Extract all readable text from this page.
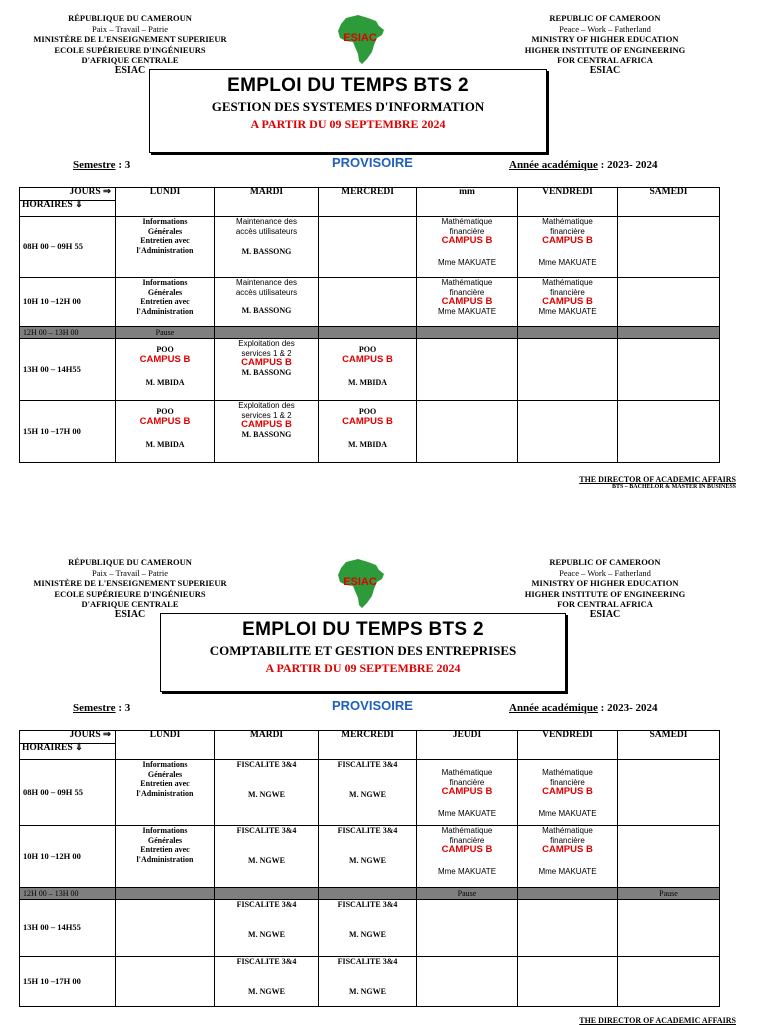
RÉPUBLIQUE DU CAMEROUN
Paix – Travail – Patrie
MINISTÈRE DE L'ENSEIGNEMENT SUPERIEUR
ECOLE SUPÉRIEURE D'INGÉNIEURS
D'AFRIQUE CENTRALE
ESIAC
ESIAC
REPUBLIC OF CAMEROON
Peace – Work – Fatherland
MINISTRY OF HIGHER EDUCATION
HIGHER INSTITUTE OF ENGINEERING
FOR CENTRAL AFRICA
ESIAC
EMPLOI DU TEMPS BTS 2
GESTION DES SYSTEMES D'INFORMATION
A PARTIR DU 09 SEPTEMBRE 2024
Semestre : 3	PROVISOIRE	Année académique : 2023- 2024
JOURS ⇒
HORAIRES ⇓	LUNDI	MARDI	MERCREDI	mm	VENDREDI	SAMEDI
08H 00 – 09H 55	Informations
Générales
Entretien avec
l'Administration	Maintenance des
accès utilisateurs
M. BASSONG		Mathématique
financière
CAMPUS B
Mme MAKUATE	Mathématique
financière
CAMPUS B
Mme MAKUATE	

10H 10 –12H 00	Informations
Générales
Entretien avec
l'Administration	Maintenance des
accès utilisateurs
M. BASSONG		Mathématique
financière
CAMPUS B
Mme MAKUATE	Mathématique
financière
CAMPUS B
Mme MAKUATE	

12H 00 – 13H 00	Pause					
13H 00 – 14H55	POO
CAMPUS B
M. MBIDA	Exploitation des
services 1 & 2
CAMPUS B
M. BASSONG	POO
CAMPUS B
M. MBIDA			

15H 10 –17H 00	POO
CAMPUS B
M. MBIDA	Exploitation des
services 1 & 2
CAMPUS B
M. BASSONG	POO
CAMPUS B
M. MBIDA			

THE DIRECTOR OF ACADEMIC AFFAIRS
BTS – BACHELOR & MASTER IN BUSINESS
RÉPUBLIQUE DU CAMEROUN
Paix – Travail – Patrie
MINISTÈRE DE L'ENSEIGNEMENT SUPERIEUR
ECOLE SUPÉRIEURE D'INGÉNIEURS
D'AFRIQUE CENTRALE
ESIAC
ESIAC
REPUBLIC OF CAMEROON
Peace – Work – Fatherland
MINISTRY OF HIGHER EDUCATION
HIGHER INSTITUTE OF ENGINEERING
FOR CENTRAL AFRICA
ESIAC
EMPLOI DU TEMPS BTS 2
COMPTABILITE ET GESTION DES ENTREPRISES
A PARTIR DU 09 SEPTEMBRE 2024
Semestre : 3	PROVISOIRE	Année académique : 2023- 2024
JOURS ⇒
HORAIRES ⇓	LUNDI	MARDI	MERCREDI	JEUDI	VENDREDI	SAMEDI
08H 00 – 09H 55	Informations
Générales
Entretien avec
l'Administration	FISCALITE 3&4
M. NGWE	FISCALITE 3&4
M. NGWE	Mathématique
financière
CAMPUS B
Mme MAKUATE	Mathématique
financière
CAMPUS B
Mme MAKUATE	

10H 10 –12H 00	Informations
Générales
Entretien avec
l'Administration	FISCALITE 3&4
M. NGWE	FISCALITE 3&4
M. NGWE	Mathématique
financière
CAMPUS B
Mme MAKUATE	Mathématique
financière
CAMPUS B
Mme MAKUATE	

12H 00 – 13H 00				Pause		Pause
13H 00 – 14H55		FISCALITE 3&4
M. NGWE	FISCALITE 3&4
M. NGWE			

15H 10 –17H 00		FISCALITE 3&4
M. NGWE	FISCALITE 3&4
M. NGWE			

THE DIRECTOR OF ACADEMIC AFFAIRS
